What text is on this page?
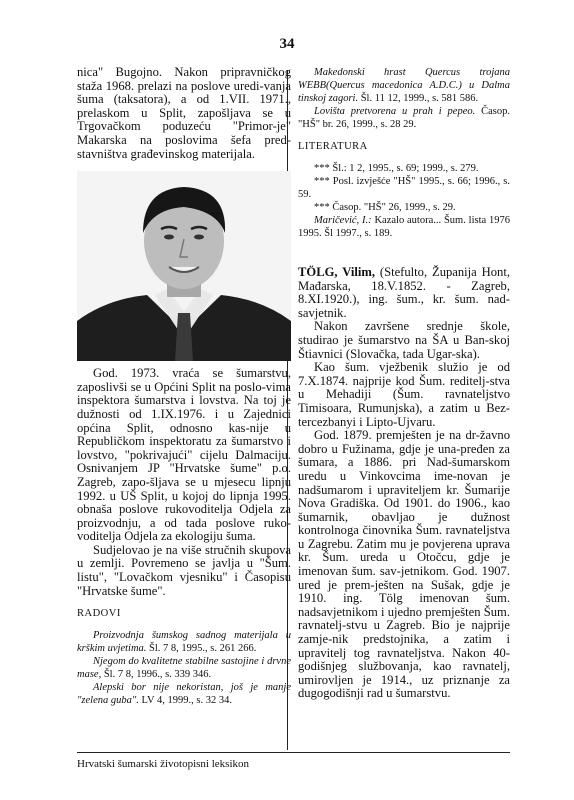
34

nica" Bugojno. Nakon pripravničkog staža 1968. prelazi na poslove uredi-vanja šuma (taksatora), a od 1.VII. 1971., prelaskom u Split, zapošljava se u Trgovačkom poduzeću "Primor-je" Makarska na poslovima šefa pred-stavništva građevinskog materijala.

God. 1973. vraća se šumarstvu, zaposlivši se u Općini Split na poslo-vima inspektora šumarstva i lovstva. Na toj je dužnosti od 1.IX.1976. i u Zajednici općina Split, odnosno kas-nije u Republičkom inspektoratu za šumarstvo i lovstvo, "pokrivajući" cijelu Dalmaciju. Osnivanjem JP "Hrvatske šume" p.o. Zagreb, zapo-šljava se u mjesecu lipnju 1992. u UŠ Split, u kojoj do lipnja 1995. obnaša poslove rukovoditelja Odjela za proizvodnju, a od tada poslove ruko-voditelja Odjela za ekologiju šuma.

Sudjelovao je na više stručnih skupova u zemlji. Povremeno se javlja u "Šum. listu", "Lovačkom vjesniku" i Časopisu "Hrvatske šume".

RADOVI

Proizvodnja šumskog sadnog materijala u krškim uvjetima. Šl. 7 8, 1995., s. 261 266.

Njegom do kvalitetne stabilne sastojine i drvne mase, Šl. 7 8, 1996., s. 339 346.

Alepski bor nije nekoristan, još je manje "zelena guba". LV 4, 1999., s. 32 34.

Makedonski hrast Quercus trojana WEBB(Quercus macedonica A.D.C.) u Dalma tinskoj zagori. Šl. 11 12, 1999., s. 581 586.

Lovišta pretvorena u prah i pepeo. Časop. "HŠ" br. 26, 1999., s. 28 29.

LITERATURA

*** Šl.: 1 2, 1995., s. 69; 1999., s. 279.

*** Posl. izvješće "HŠ" 1995., s. 66; 1996., s. 59.

*** Časop. "HŠ" 26, 1999., s. 29.

Maričević, I.: Kazalo autora... Šum. lista 1976 1995. Šl 1997., s. 189.

TÖLG, Vilim, (Stefulto, Županija Hont, Mađarska, 18.V.1852. - Zagreb, 8.XI.1920.), ing. šum., kr. šum. nad-savjetnik.

Nakon završene srednje škole, studirao je šumarstvo na ŠA u Ban-skoj Štiavnici (Slovačka, tada Ugar-ska).

Kao šum. vježbenik služio je od 7.X.1874. najprije kod Šum. reditelj-stva u Mehadiji (Šum. ravnateljstvo Timisoara, Rumunjska), a zatim u Bez-tercezbanyi i Lipto-Ujvaru.

God. 1879. premješten je na dr-žavno dobro u Fužinama, gdje je una-pređen za šumara, a 1886. pri Nad-šumarskom uredu u Vinkovcima ime-novan je nadšumarom i upraviteljem kr. Šumarije Nova Gradiška. Od 1901. do 1906., kao šumarnik, obavljao je dužnost kontrolnoga činovnika Šum. ravnateljstva u Zagrebu. Zatim mu je povjerena uprava kr. Šum. ureda u Otočcu, gdje je imenovan šum. sav-jetnikom. God. 1907. ured je prem-ješten na Sušak, gdje je 1910. ing. Tölg imenovan šum. nadsavjetnikom i ujedno premješten Šum. ravnatelj-stvu u Zagreb. Bio je najprije zamje-nik predstojnika, a zatim i upravitelj tog ravnateljstva. Nakon 40-godišnjeg službovanja, kao ravnatelj, umirovljen je 1914., uz priznanje za dugogodišnji rad u šumarstvu.

Hrvatski šumarski životopisni leksikon
